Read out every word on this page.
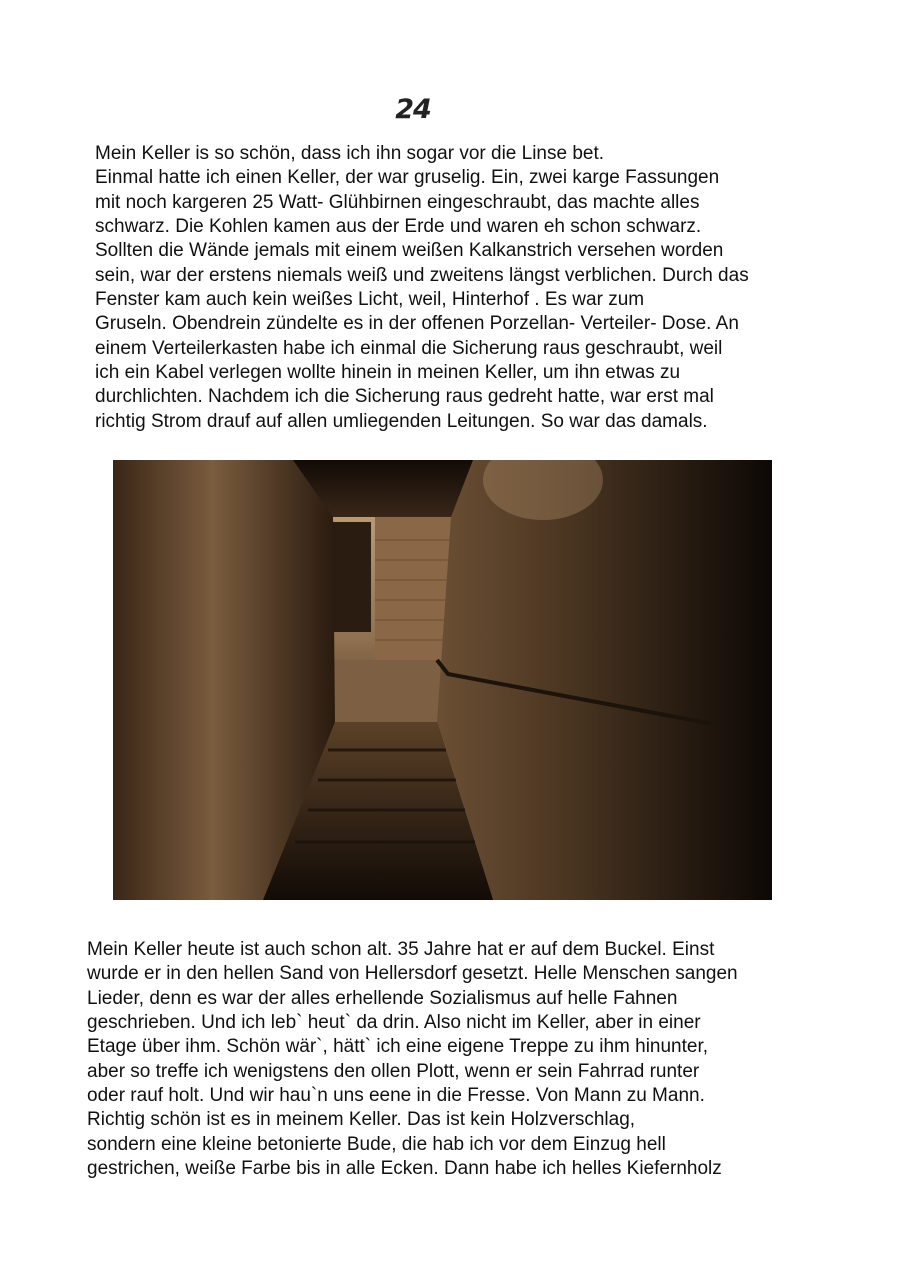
24
Mein Keller is so schön, dass ich ihn sogar vor die Linse bet.
Einmal hatte ich einen Keller, der war gruselig. Ein, zwei karge Fassungen
mit noch kargeren 25 Watt- Glühbirnen eingeschraubt, das machte alles
schwarz. Die Kohlen kamen aus der Erde und waren eh schon schwarz.
Sollten die Wände jemals mit einem weißen Kalkanstrich versehen worden
sein, war der erstens niemals weiß und zweitens längst verblichen. Durch das
Fenster kam auch kein weißes Licht, weil, Hinterhof . Es war zum
Gruseln. Obendrein zündelte es in der offenen Porzellan- Verteiler- Dose. An
einem Verteilerkasten habe ich einmal die Sicherung raus geschraubt, weil
ich ein Kabel verlegen wollte hinein in meinen Keller, um ihn etwas zu
durchlichten. Nachdem ich die Sicherung raus gedreht hatte, war erst mal
richtig Strom drauf auf allen umliegenden Leitungen. So war das damals.
Mein Keller heute ist auch schon alt. 35 Jahre hat er auf dem Buckel. Einst
wurde er in den hellen Sand von Hellersdorf gesetzt. Helle Menschen sangen
Lieder, denn es war der alles erhellende Sozialismus auf helle Fahnen
geschrieben. Und ich leb` heut` da drin. Also nicht im Keller, aber in einer
Etage über ihm. Schön wär`, hätt` ich eine eigene Treppe zu ihm hinunter,
aber so treffe ich wenigstens den ollen Plott, wenn er sein Fahrrad runter
oder rauf holt. Und wir hau`n uns eene in die Fresse. Von Mann zu Mann.
Richtig schön ist es in meinem Keller. Das ist kein Holzverschlag,
sondern eine kleine betonierte Bude, die hab ich vor dem Einzug hell
gestrichen, weiße Farbe bis in alle Ecken. Dann habe ich helles Kiefernholz
